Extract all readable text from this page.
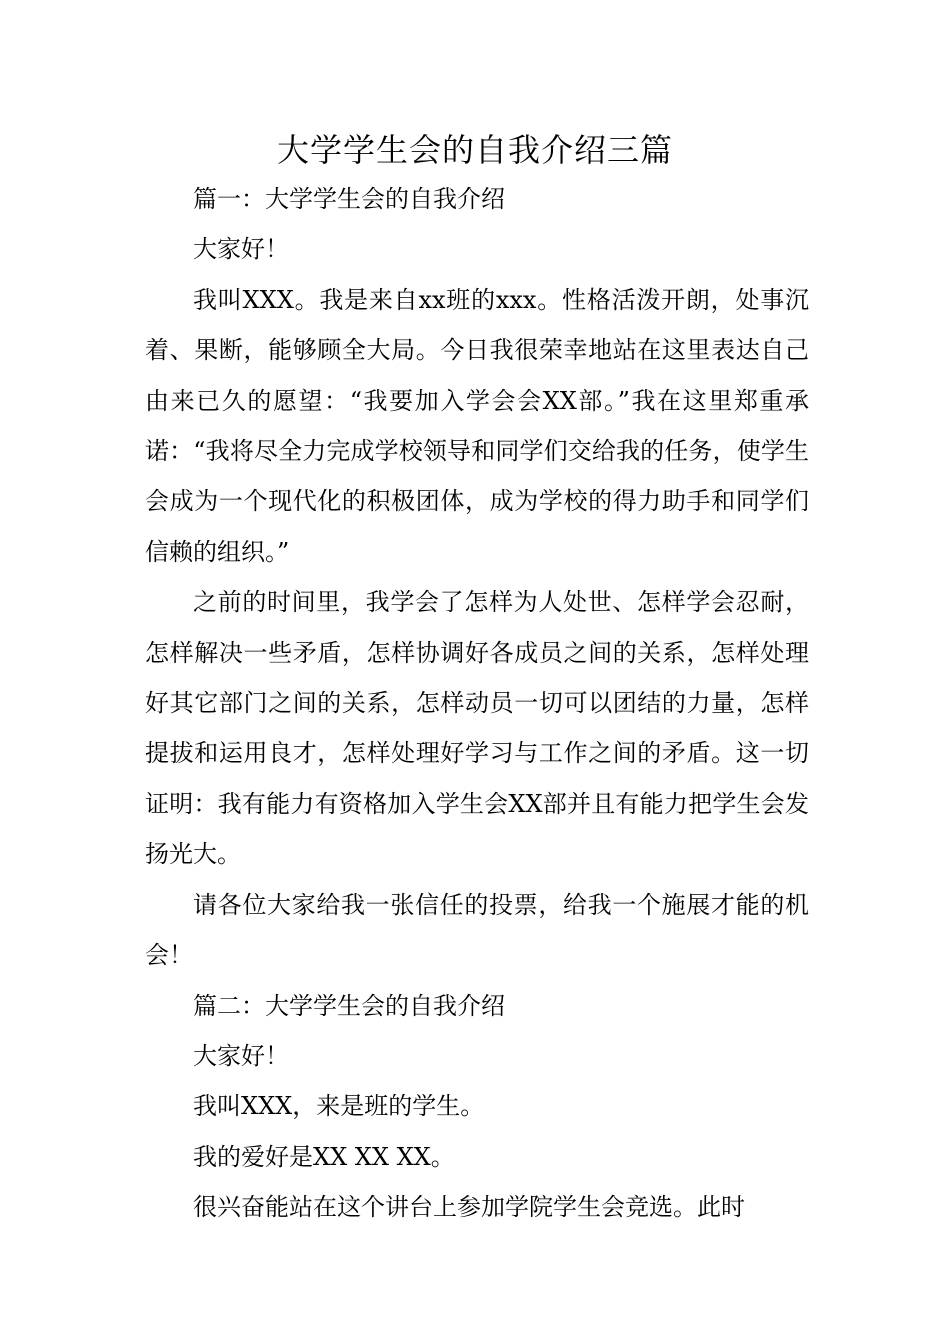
大学学生会的自我介绍三篇

篇一：大学学生会的自我介绍

大家好！

我叫XXX。我是来自xx班的xxx。性格活泼开朗，处事沉着、果断，能够顾全大局。今日我很荣幸地站在这里表达自己由来已久的愿望：“我要加入学会会XX部。”我在这里郑重承诺：“我将尽全力完成学校领导和同学们交给我的任务，使学生会成为一个现代化的积极团体，成为学校的得力助手和同学们信赖的组织。”

之前的时间里，我学会了怎样为人处世、怎样学会忍耐，怎样解决一些矛盾，怎样协调好各成员之间的关系，怎样处理好其它部门之间的关系，怎样动员一切可以团结的力量，怎样提拔和运用良才，怎样处理好学习与工作之间的矛盾。这一切证明：我有能力有资格加入学生会XX部并且有能力把学生会发扬光大。

请各位大家给我一张信任的投票，给我一个施展才能的机会！

篇二：大学学生会的自我介绍

大家好！

我叫XXX，来是班的学生。

我的爱好是XX XX XX。

很兴奋能站在这个讲台上参加学院学生会竞选。此时
